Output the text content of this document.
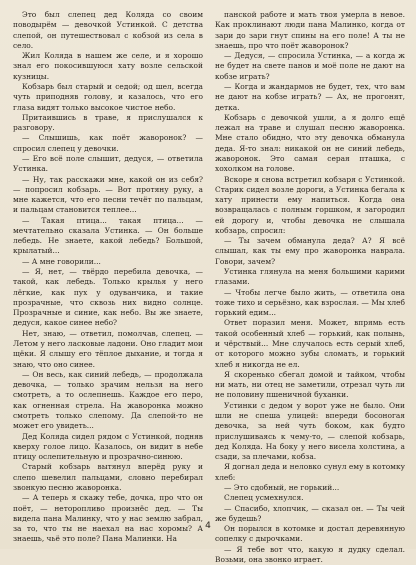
Это был слепец дед Коляда со своим поводырём — девочкой Устинкой. С детства слепой, он путешествовал с кобзой из села в село.

Жил Коляда в нашем же селе, и я хорошо знал его покосившуюся хату возле сельской кузницы.

Кобзарь был старый и седой; од шел, всегда чуть приподняв голову, и казалось, что его глаза видят только высокое чистое небо.

Притаившись в траве, я прислушался к разговору.

— Слышишь, как поёт жаворонок? — спросил слепец у девочки.

— Его всё поле слышит, дедуся, — ответила Устинка.

— Ну, так расскажи мне, какой он из себя? — попросил кобзарь. — Вот протяну руку, а мне кажется, что его песни течёт по пальцам, и пальцам становится теплее...

— Такая птица... такая птица... — мечтательно сказала Устинка. — Он больше лебедь. Не знаете, какой лебедь? Большой, крылатый...

— А мне говорили...

— Я, нет, — твёрдо перебила девочка, — такой, как лебедь. Только крылья у него лёгкие, как пух у одуванчика, и такие прозрачные, что сквозь них видно солнце. Прозрачные и синие, как небо. Вы же знаете, дедуся, какое синее небо?

Нет, знаю, — ответил, помолчав, слепец. — Летом у него ласковые ладони. Оно гладит мои щёки. Я слышу его тёплое дыхание, и тогда я знаю, что оно синее.

— Он весь, как синий лебедь, — продолжала девочка, — только зрачим нельзя на него смотреть, а то ослепнешь. Каждое его перо, как огненная стрела. На жаворонка можно смотреть только слепому. Да слепой-то не может его увидеть...

Дед Коляда сидел рядом с Устинкой, подняв кверху голое лицо. Казалось, он видит в небе птицу ослепительную и прозрачно-синюю.

Старый кобзарь вытянул вперёд руку и слепо шевелил пальцами, словно перебирал звонкую песню жаворонка.

— А теперь я скажу тебе, дочка, про что он поёт, — неторопливо произнёс дед. — Ты видела пана Малинку, что у нас землю забрал, за то, что ты не наехал на нас хоромы? А знаешь, чьё это поле? Пана Малинки. На

панской работе и мать твоя умерла в невое. Как проклинают люди пана Малинко, когда от зари до зари гнут спины на его поле! А ты не знаешь, про что поёт жаворонок?

— Дедуся, — спросила Устинка, — а когда ж не будет на свете панов и моё поле не дают на кобзе играть?

— Когда и жандармов не будет, тех, что вам не дают на кобзе играть? — Ах, не прогонят, детка.

Кобзарь с девочкой ушли, а я долго ещё лежал на траве и слушал песню жаворонка. Мне стало обидно, что эту девочка обманула деда. Я-то знал: никакой он не синий лебедь, жаворонок. Это самая серая пташка, с хохолком на голове.

Вскоре я снова встретил кобзаря с Устинкой. Старик сидел возле дороги, а Устинка бегала к хату принести ему напиться. Когда она возвращалась с полным горшком, я загородил ей дорогу и, чтобы девочка не слышала кобзарь, спросил:

— Ты зачем обманула деда? А? Я всё слышал, как ты ему про жаворонка наврала. Говори, зачем?

Устинка глянула на меня большими карими глазами.

— Чтобы легче было жить, — ответила она тоже тихо и серьёзно, как взрослая. — Мы хлеб горький едим...

Ответ поразил меня. Может, впрямь есть такой особенный хлеб — горький, как полынь, и чёрствый... Мне случалось есть серый хлеб, от которого можно зубы сломать, и горький хлеб я никогда не ел.

Я скоренько сбегал домой и тайком, чтобы ни мать, ни отец не заметили, отрезал чуть ли не половину пшеничной буханки.

Устинки с дедом у ворот уже не было. Они шли не спеша улицей: впереди босоногая девочка, за ней чуть боком, как будто прислушиваясь к чему-то, — слепой кобзарь, дед Коляда. На боку у него висела холстина, а сзади, за плечами, кобза.

Я догнал деда и неловко сунул ему в котомку хлеб:

— Это сдобный, не горький...

Слепец усмехнулся.

— Спасибо, хлопчик, — сказал он. — Ты чей же будешь?

Он порылся в котомке и достал деревянную сопелку с дырочками.

— Я тебе вот что, какую я дудку сделал. Возьми, она звонко играет.

4
